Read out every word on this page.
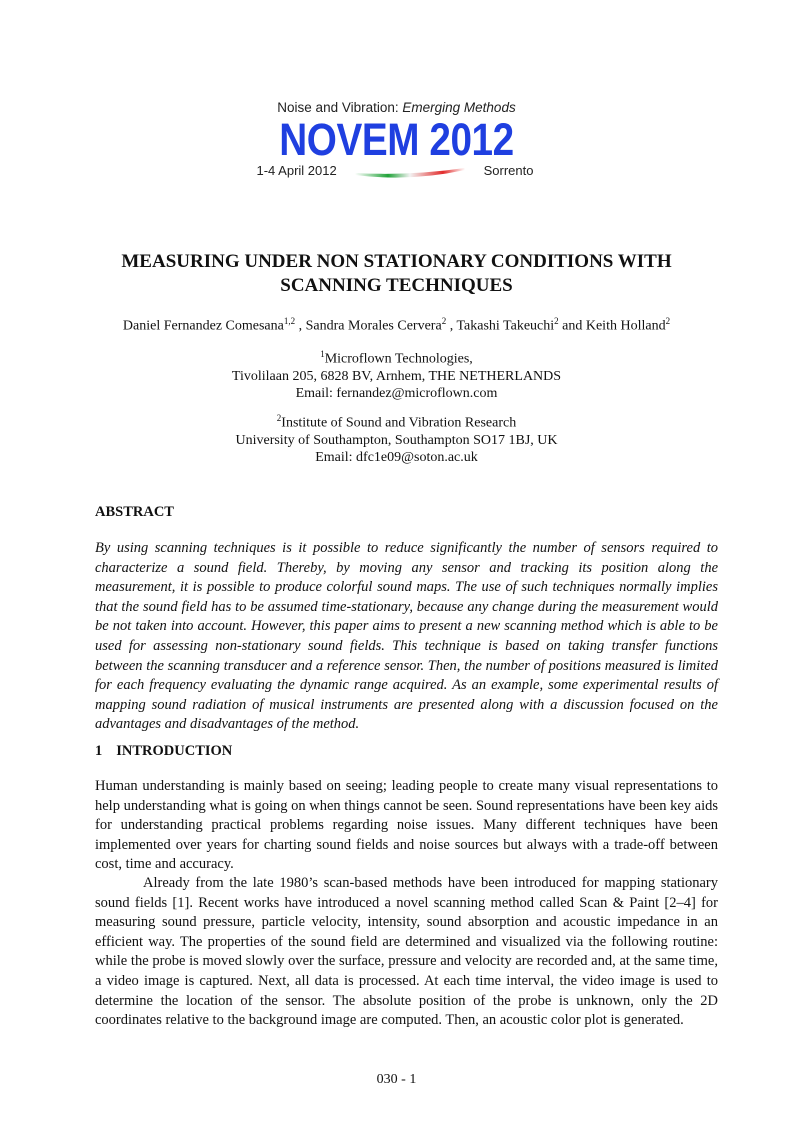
Noise and Vibration: Emerging Methods
NOVEM 2012
1-4 April 2012	Sorrento
MEASURING UNDER NON STATIONARY CONDITIONS WITH
SCANNING TECHNIQUES
Daniel Fernandez Comesana$^{1,2}$ , Sandra Morales Cervera$^2$ , Takashi Takeuchi$^2$ and Keith Holland$^2$
$^1$Microflown Technologies,
Tivolilaan 205, 6828 BV, Arnhem, THE NETHERLANDS
Email: fernandez@microflown.com
$^2$Institute of Sound and Vibration Research
University of Southampton, Southampton SO17 1BJ, UK
Email: dfc1e09@soton.ac.uk
ABSTRACT

By using scanning techniques is it possible to reduce significantly the number of sensors required to characterize a sound field. Thereby, by moving any sensor and tracking its position along the measurement, it is possible to produce colorful sound maps. The use of such techniques normally implies that the sound field has to be assumed time-stationary, because any change during the measurement would be not taken into account. However, this paper aims to present a new scanning method which is able to be used for assessing non-stationary sound fields. This technique is based on taking transfer functions between the scanning transducer and a reference sensor. Then, the number of positions measured is limited for each frequency evaluating the dynamic range acquired. As an example, some experimental results of mapping sound radiation of musical instruments are presented along with a discussion focused on the advantages and disadvantages of the method.

1 INTRODUCTION

Human understanding is mainly based on seeing; leading people to create many visual representations to help understanding what is going on when things cannot be seen. Sound representations have been key aids for understanding practical problems regarding noise issues. Many different techniques have been implemented over years for charting sound fields and noise sources but always with a trade-off between cost, time and accuracy.

Already from the late 1980’s scan-based methods have been introduced for mapping stationary sound fields [1]. Recent works have introduced a novel scanning method called Scan & Paint [2–4] for measuring sound pressure, particle velocity, intensity, sound absorption and acoustic impedance in an efficient way. The properties of the sound field are determined and visualized via the following routine: while the probe is moved slowly over the surface, pressure and velocity are recorded and, at the same time, a video image is captured. Next, all data is processed. At each time interval, the video image is used to determine the location of the sensor. The absolute position of the probe is unknown, only the 2D coordinates relative to the background image are computed. Then, an acoustic color plot is generated.

030 - 1
